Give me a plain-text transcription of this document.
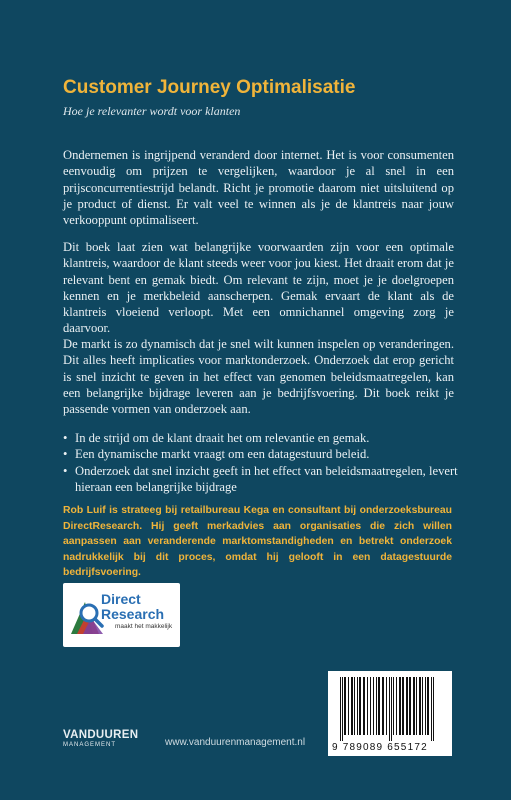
Customer Journey Optimalisatie
Hoe je relevanter wordt voor klanten

Ondernemen is ingrijpend veranderd door internet. Het is voor consumenten eenvoudig om prijzen te vergelijken, waardoor je al snel in een prijsconcurrentiestrijd belandt. Richt je promotie daarom niet uitsluitend op je product of dienst. Er valt veel te winnen als je de klantreis naar jouw verkooppunt optimaliseert.

Dit boek laat zien wat belangrijke voorwaarden zijn voor een optimale klantreis, waardoor de klant steeds weer voor jou kiest. Het draait erom dat je relevant bent en gemak biedt. Om relevant te zijn, moet je je doelgroepen kennen en je merkbeleid aanscherpen. Gemak ervaart de klant als de klantreis vloeiend verloopt. Met een omnichannel omgeving zorg je daarvoor.

De markt is zo dynamisch dat je snel wilt kunnen inspelen op veranderingen. Dit alles heeft implicaties voor marktonderzoek. Onderzoek dat erop gericht is snel inzicht te geven in het effect van genomen beleidsmaatregelen, kan een belangrijke bijdrage leveren aan je bedrijfsvoering. Dit boek reikt je passende vormen van onderzoek aan.

• In de strijd om de klant draait het om relevantie en gemak.
• Een dynamische markt vraagt om een datagestuurd beleid.
• Onderzoek dat snel inzicht geeft in het effect van beleidsmaatregelen, levert hieraan een belangrijke bijdrage

Rob Luif is strateeg bij retailbureau Kega en consultant bij onderzoeksbureau DirectResearch. Hij geeft merkadvies aan organisaties die zich willen aanpassen aan veranderende marktomstandigheden en betrekt onderzoek nadrukkelijk bij dit proces, omdat hij gelooft in een datagestuurde bedrijfsvoering.

Direct
Research
maakt het makkelijk
VANDUUREN
MANAGEMENT	www.vanduurenmanagement.nl	9 789089 655172
